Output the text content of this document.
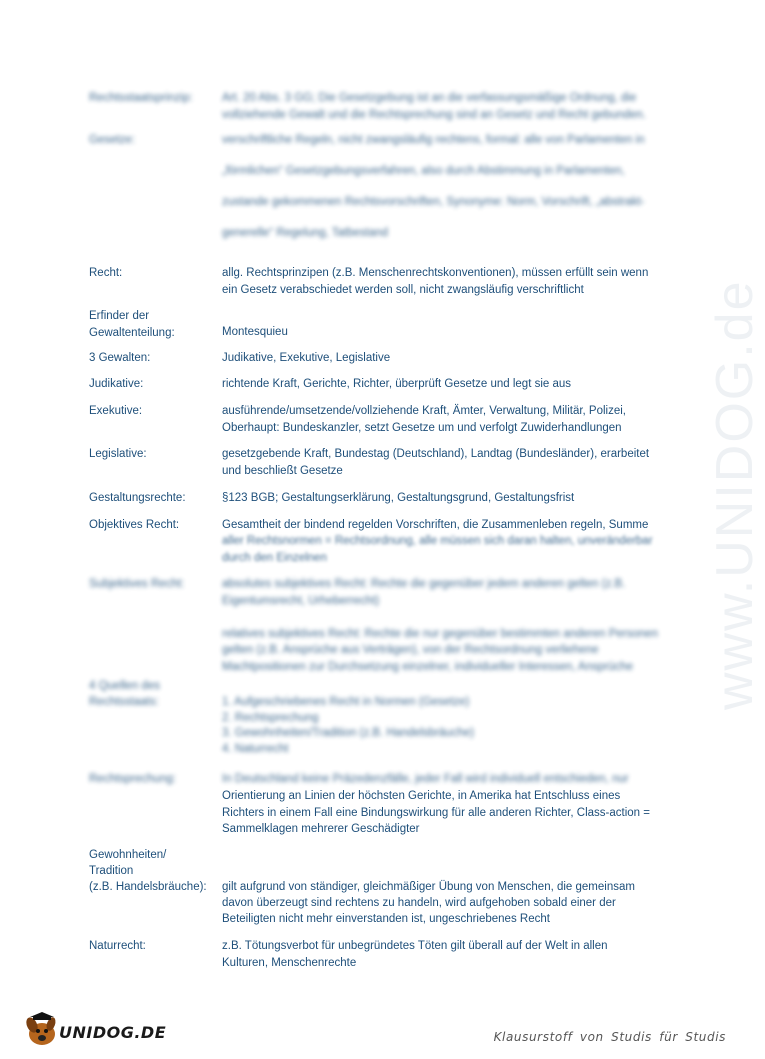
www.UNIDOG.de
Rechtsstaatsprinzip:	Art. 20 Abs. 3 GG; Die Gesetzgebung ist an die verfassungsmäßige Ordnung, die
vollziehende Gewalt und die Rechtsprechung sind an Gesetz und Recht gebunden.
Gesetze:	verschriftliche Regeln, nicht zwangsläufig rechtens, formal: alle von Parlamenten in

„förmlichen“ Gesetzgebungsverfahren, also durch Abstimmung in Parlamenten,

zustande gekommenen Rechtsvorschriften, Synonyme: Norm, Vorschrift, „abstrakt-

generelle“ Regelung, Tatbestand
Recht:	allg. Rechtsprinzipen (z.B. Menschenrechtskonventionen), müssen erfüllt sein wenn
ein Gesetz verabschiedet werden soll, nicht zwangsläufig verschriftlicht
Erfinder der
Gewaltenteilung:	Montesquieu
3 Gewalten:	Judikative, Exekutive, Legislative
Judikative:	richtende Kraft, Gerichte, Richter, überprüft Gesetze und legt sie aus
Exekutive:	ausführende/umsetzende/vollziehende Kraft, Ämter, Verwaltung, Militär, Polizei,
Oberhaupt: Bundeskanzler, setzt Gesetze um und verfolgt Zuwiderhandlungen
Legislative:	gesetzgebende Kraft, Bundestag (Deutschland), Landtag (Bundesländer), erarbeitet
und beschließt Gesetze
Gestaltungsrechte:	§123 BGB; Gestaltungserklärung, Gestaltungsgrund, Gestaltungsfrist
Objektives Recht:	Gesamtheit der bindend regelden Vorschriften, die Zusammenleben regeln, Summe
aller Rechtsnormen = Rechtsordnung, alle müssen sich daran halten, unveränderbar
durch den Einzelnen
Subjektives Recht:	absolutes subjektives Recht: Rechte die gegenüber jedem anderen gelten (z.B.
Eigentumsrecht, Urheberrecht)

relatives subjektives Recht: Rechte die nur gegenüber bestimmten anderen Personen
gelten (z.B. Ansprüche aus Verträgen), von der Rechtsordnung verliehene
Machtpositionen zur Durchsetzung einzelner, individueller Interessen, Ansprüche
4 Quellen des
Rechtsstaats:	1. Aufgeschriebenes Recht in Normen (Gesetze)
2. Rechtsprechung
3. Gewohnheiten/Tradition (z.B. Handelsbräuche)
4. Naturrecht
Rechtsprechung:	In Deutschland keine Präzedenzfälle, jeder Fall wird individuell entschieden, nur
Orientierung an Linien der höchsten Gerichte, in Amerika hat Entschluss eines
Richters in einem Fall eine Bindungswirkung für alle anderen Richter, Class-action =
Sammelklagen mehrerer Geschädigter
Gewohnheiten/
Tradition
(z.B. Handelsbräuche):	gilt aufgrund von ständiger, gleichmäßiger Übung von Menschen, die gemeinsam
davon überzeugt sind rechtens zu handeln, wird aufgehoben sobald einer der
Beteiligten nicht mehr einverstanden ist, ungeschriebenes Recht
Naturrecht:	z.B. Tötungsverbot für unbegründetes Töten gilt überall auf der Welt in allen
Kulturen, Menschenrechte
UNIDOG.DE	Klausurstoff von Studis für Studis
